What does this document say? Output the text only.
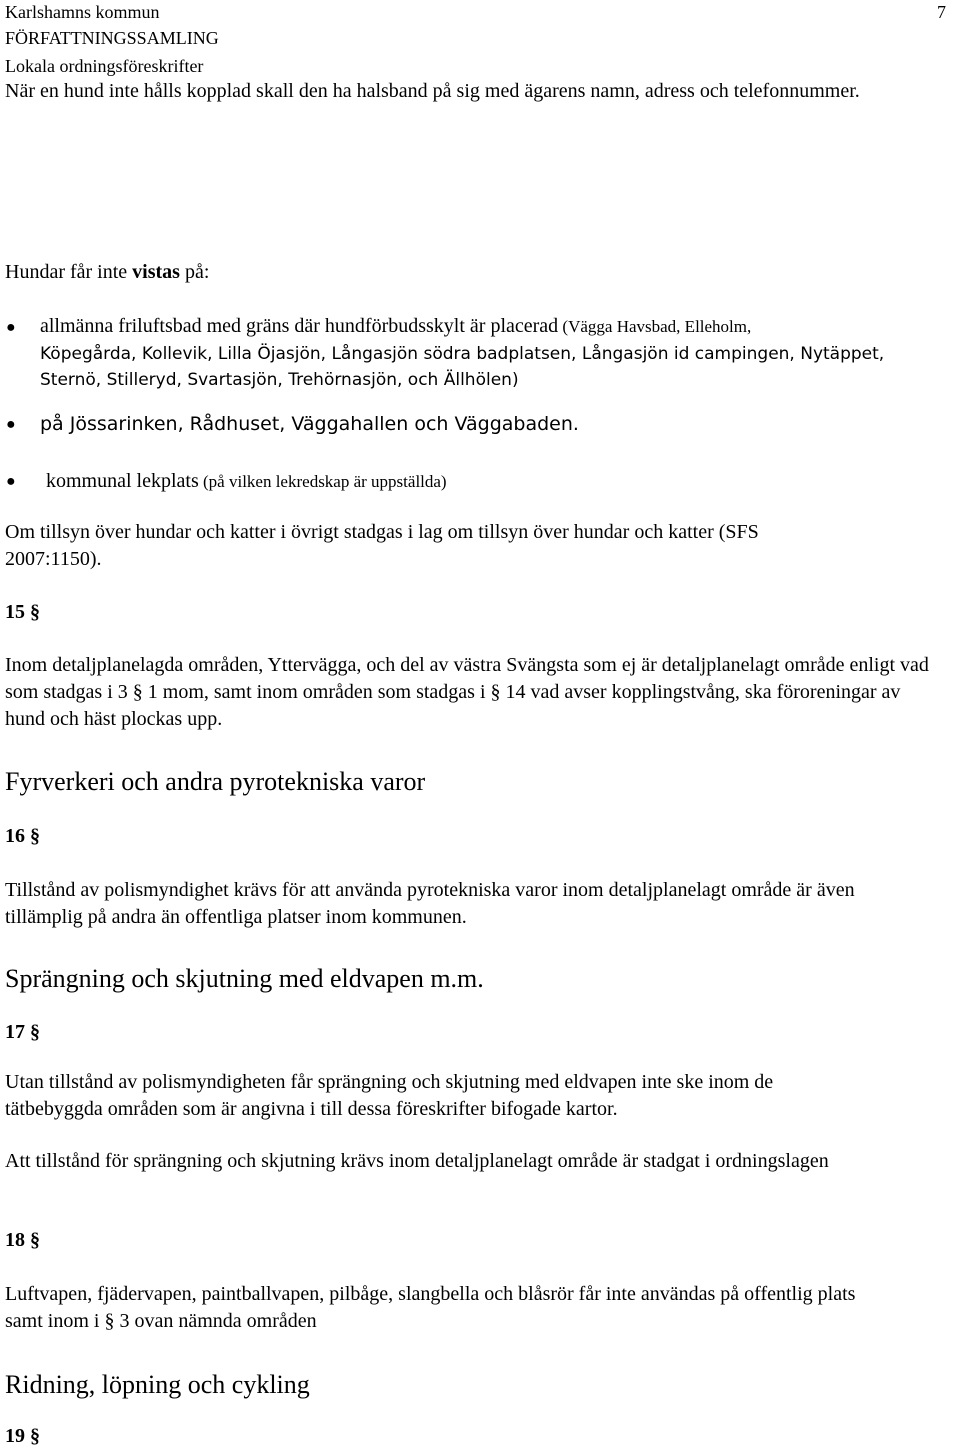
Karlshamns kommun	7
FÖRFATTNINGSSAMLING
Lokala ordningsföreskrifter

När en hund inte hålls kopplad skall den ha halsband på sig med ägarens namn, adress och telefonnummer.

Hundar får inte vistas på:

● allmänna friluftsbad med gräns där hundförbudsskylt är placerad (Vägga Havsbad, Elleholm,
Köpegårda, Kollevik, Lilla Öjasjön, Långasjön södra badplatsen, Långasjön id campingen, Nytäppet, Sternö, Stilleryd, Svartasjön, Trehörnasjön, och Ällhölen)
● på Jössarinken, Rådhuset, Väggahallen och Väggabaden.
● kommunal lekplats (på vilken lekredskap är uppställda)

Om tillsyn över hundar och katter i övrigt stadgas i lag om tillsyn över hundar och katter (SFS 2007:1150).

15 §

Inom detaljplanelagda områden, Yttervägga, och del av västra Svängsta som ej är detaljplanelagt område enligt vad som stadgas i 3 § 1 mom, samt inom områden som stadgas i § 14 vad avser kopplingstvång, ska föroreningar av hund och häst plockas upp.

Fyrverkeri och andra pyrotekniska varor
16 §

Tillstånd av polismyndighet krävs för att använda pyrotekniska varor inom detaljplanelagt område är även tillämplig på andra än offentliga platser inom kommunen.

Sprängning och skjutning med eldvapen m.m.
17 §

Utan tillstånd av polismyndigheten får sprängning och skjutning med eldvapen inte ske inom de tätbebyggda områden som är angivna i till dessa föreskrifter bifogade kartor.

Att tillstånd för sprängning och skjutning krävs inom detaljplanelagt område är stadgat i ordningslagen

18 §

Luftvapen, fjädervapen, paintballvapen, pilbåge, slangbella och blåsrör får inte användas på offentlig plats samt inom i § 3 ovan nämnda områden

Ridning, löpning och cykling
19 §
